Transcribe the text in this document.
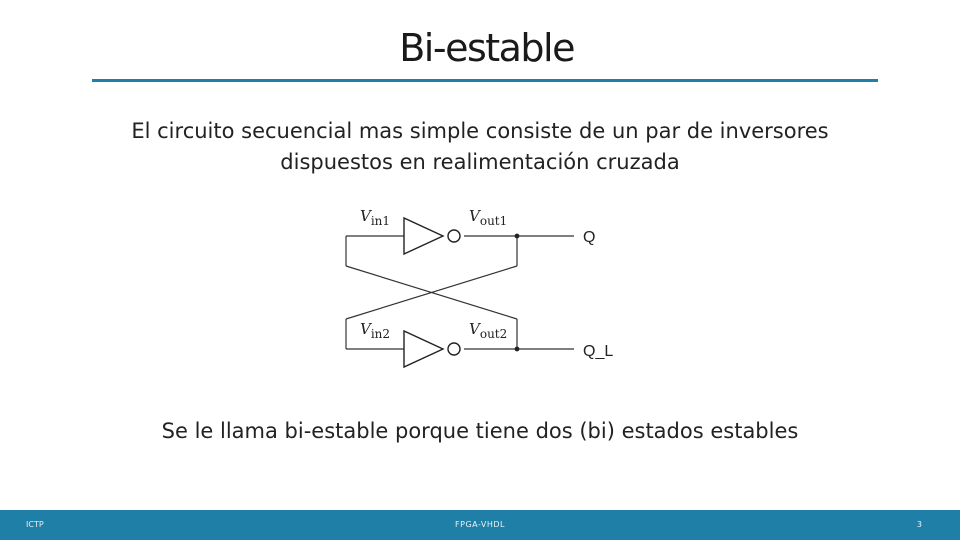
Bi-estable
El circuito secuencial mas simple consiste de un par de inversores
dispuestos en realimentación cruzada
$V_{in1}$	$V_{out1}$
$V_{in2}$	$V_{out2}$
Q
Q_L
Se le llama bi-estable porque tiene dos (bi) estados estables
ICTP	FPGA-VHDL	3
